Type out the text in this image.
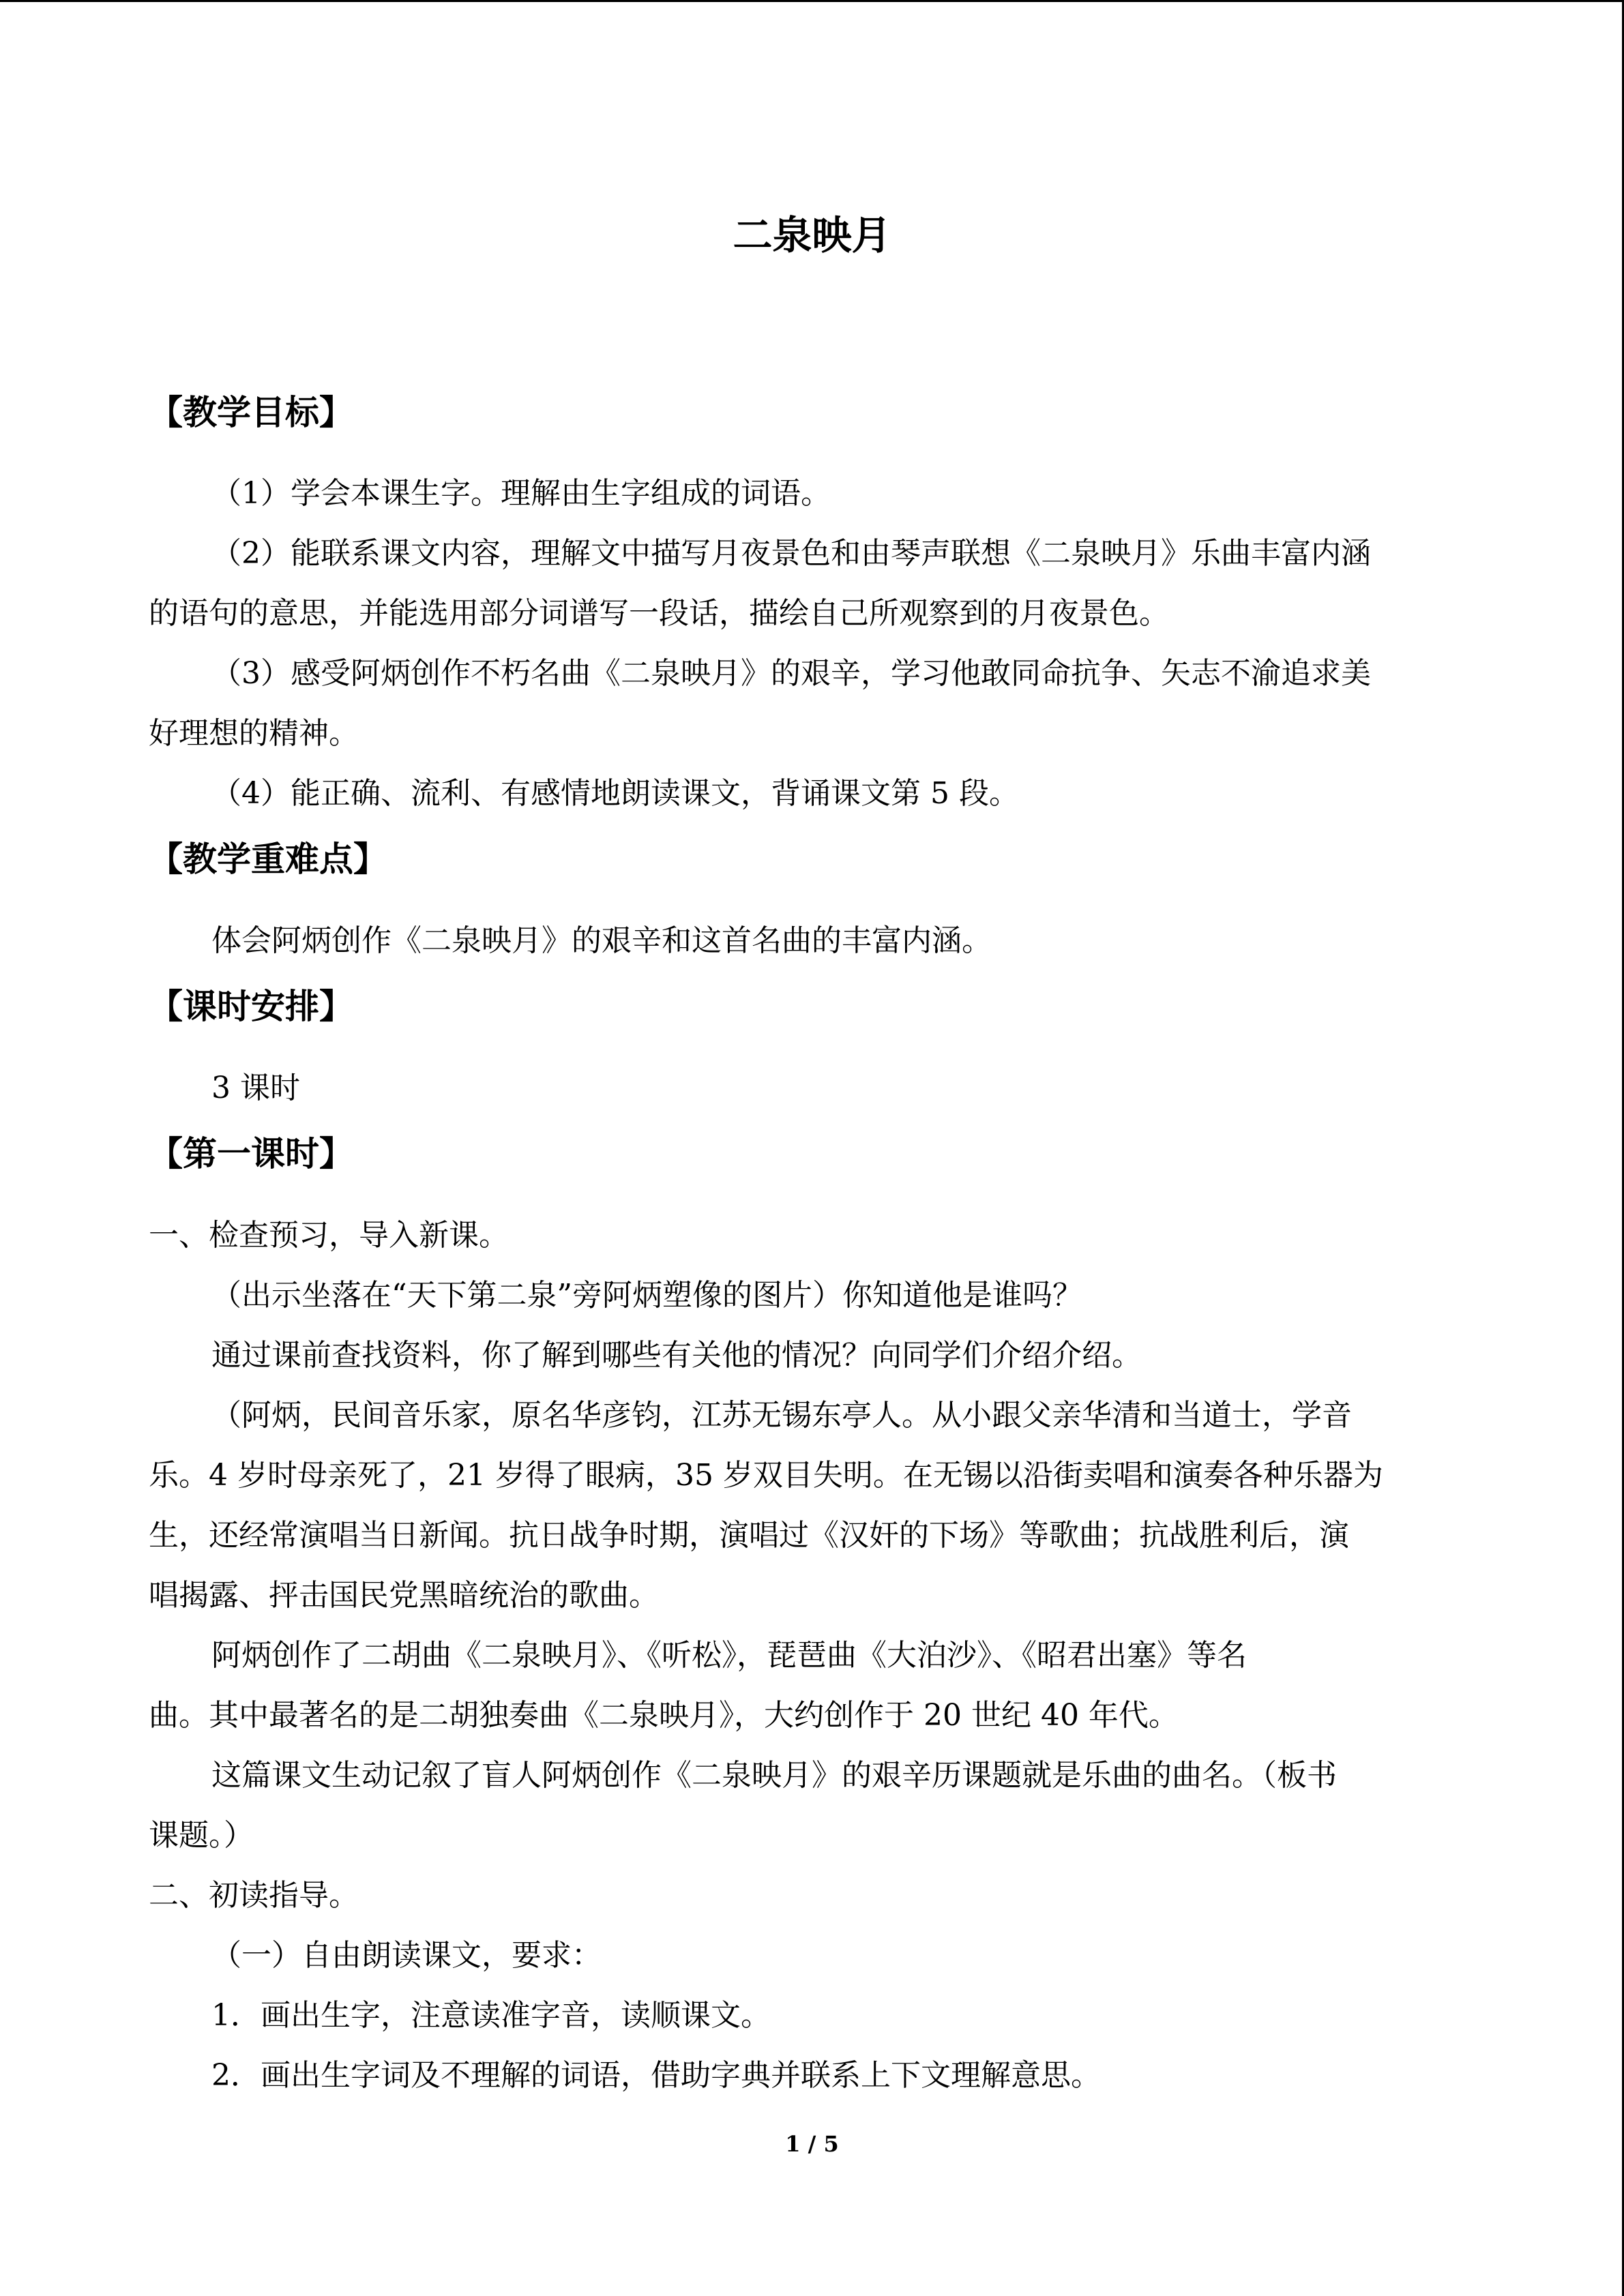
二泉映月
【教学目标】
（1）学会本课生字。理解由生字组成的词语。
（2）能联系课文内容，理解文中描写月夜景色和由琴声联想《二泉映月》乐曲丰富内涵
的语句的意思，并能选用部分词谱写一段话，描绘自己所观察到的月夜景色。
（3）感受阿炳创作不朽名曲《二泉映月》的艰辛，学习他敢同命抗争、矢志不渝追求美
好理想的精神。
（4）能正确、流利、有感情地朗读课文，背诵课文第 5 段。
【教学重难点】
体会阿炳创作《二泉映月》的艰辛和这首名曲的丰富内涵。
【课时安排】
3 课时
【第一课时】
一、检查预习，导入新课。
（出示坐落在“天下第二泉”旁阿炳塑像的图片）你知道他是谁吗？
通过课前查找资料，你了解到哪些有关他的情况？向同学们介绍介绍。
（阿炳，民间音乐家，原名华彦钧，江苏无锡东亭人。从小跟父亲华清和当道士，学音
乐。4 岁时母亲死了，21 岁得了眼病，35 岁双目失明。在无锡以沿街卖唱和演奏各种乐器为
生，还经常演唱当日新闻。抗日战争时期，演唱过《汉奸的下场》等歌曲；抗战胜利后，演
唱揭露、抨击国民党黑暗统治的歌曲。
阿炳创作了二胡曲《二泉映月》、《听松》，琵琶曲《大泊沙》、《昭君出塞》等名
曲。其中最著名的是二胡独奏曲《二泉映月》，大约创作于 20 世纪 40 年代。
这篇课文生动记叙了盲人阿炳创作《二泉映月》的艰辛历课题就是乐曲的曲名。（板书
课题。）
二、初读指导。
（一）自由朗读课文，要求：
1．画出生字，注意读准字音，读顺课文。
2．画出生字词及不理解的词语，借助字典并联系上下文理解意思。
1 / 5
